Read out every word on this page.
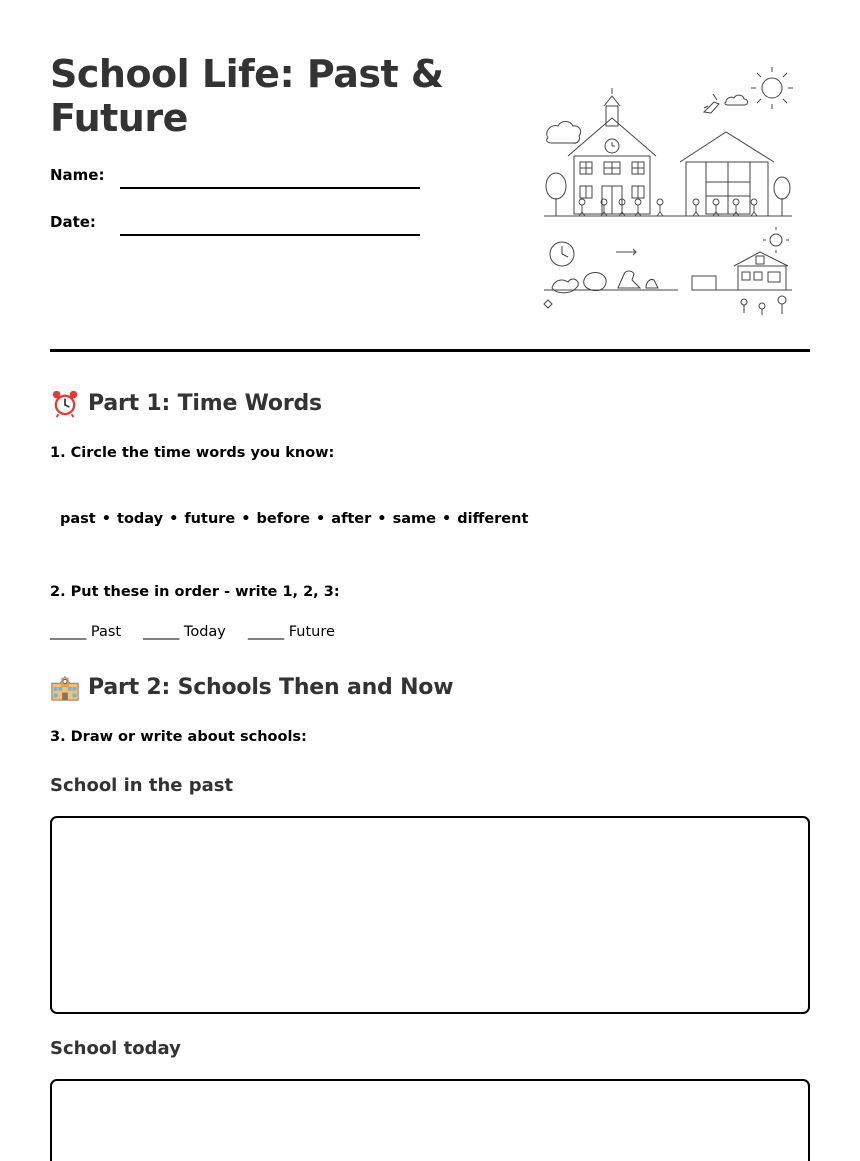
School Life: Past & Future
Name:
Date:
Part 1: Time Words
1. Circle the time words you know:
past • today • future • before • after • same • different
2. Put these in order - write 1, 2, 3:
_____ Past _____ Today _____ Future
Part 2: Schools Then and Now
3. Draw or write about schools:
School in the past
School today
